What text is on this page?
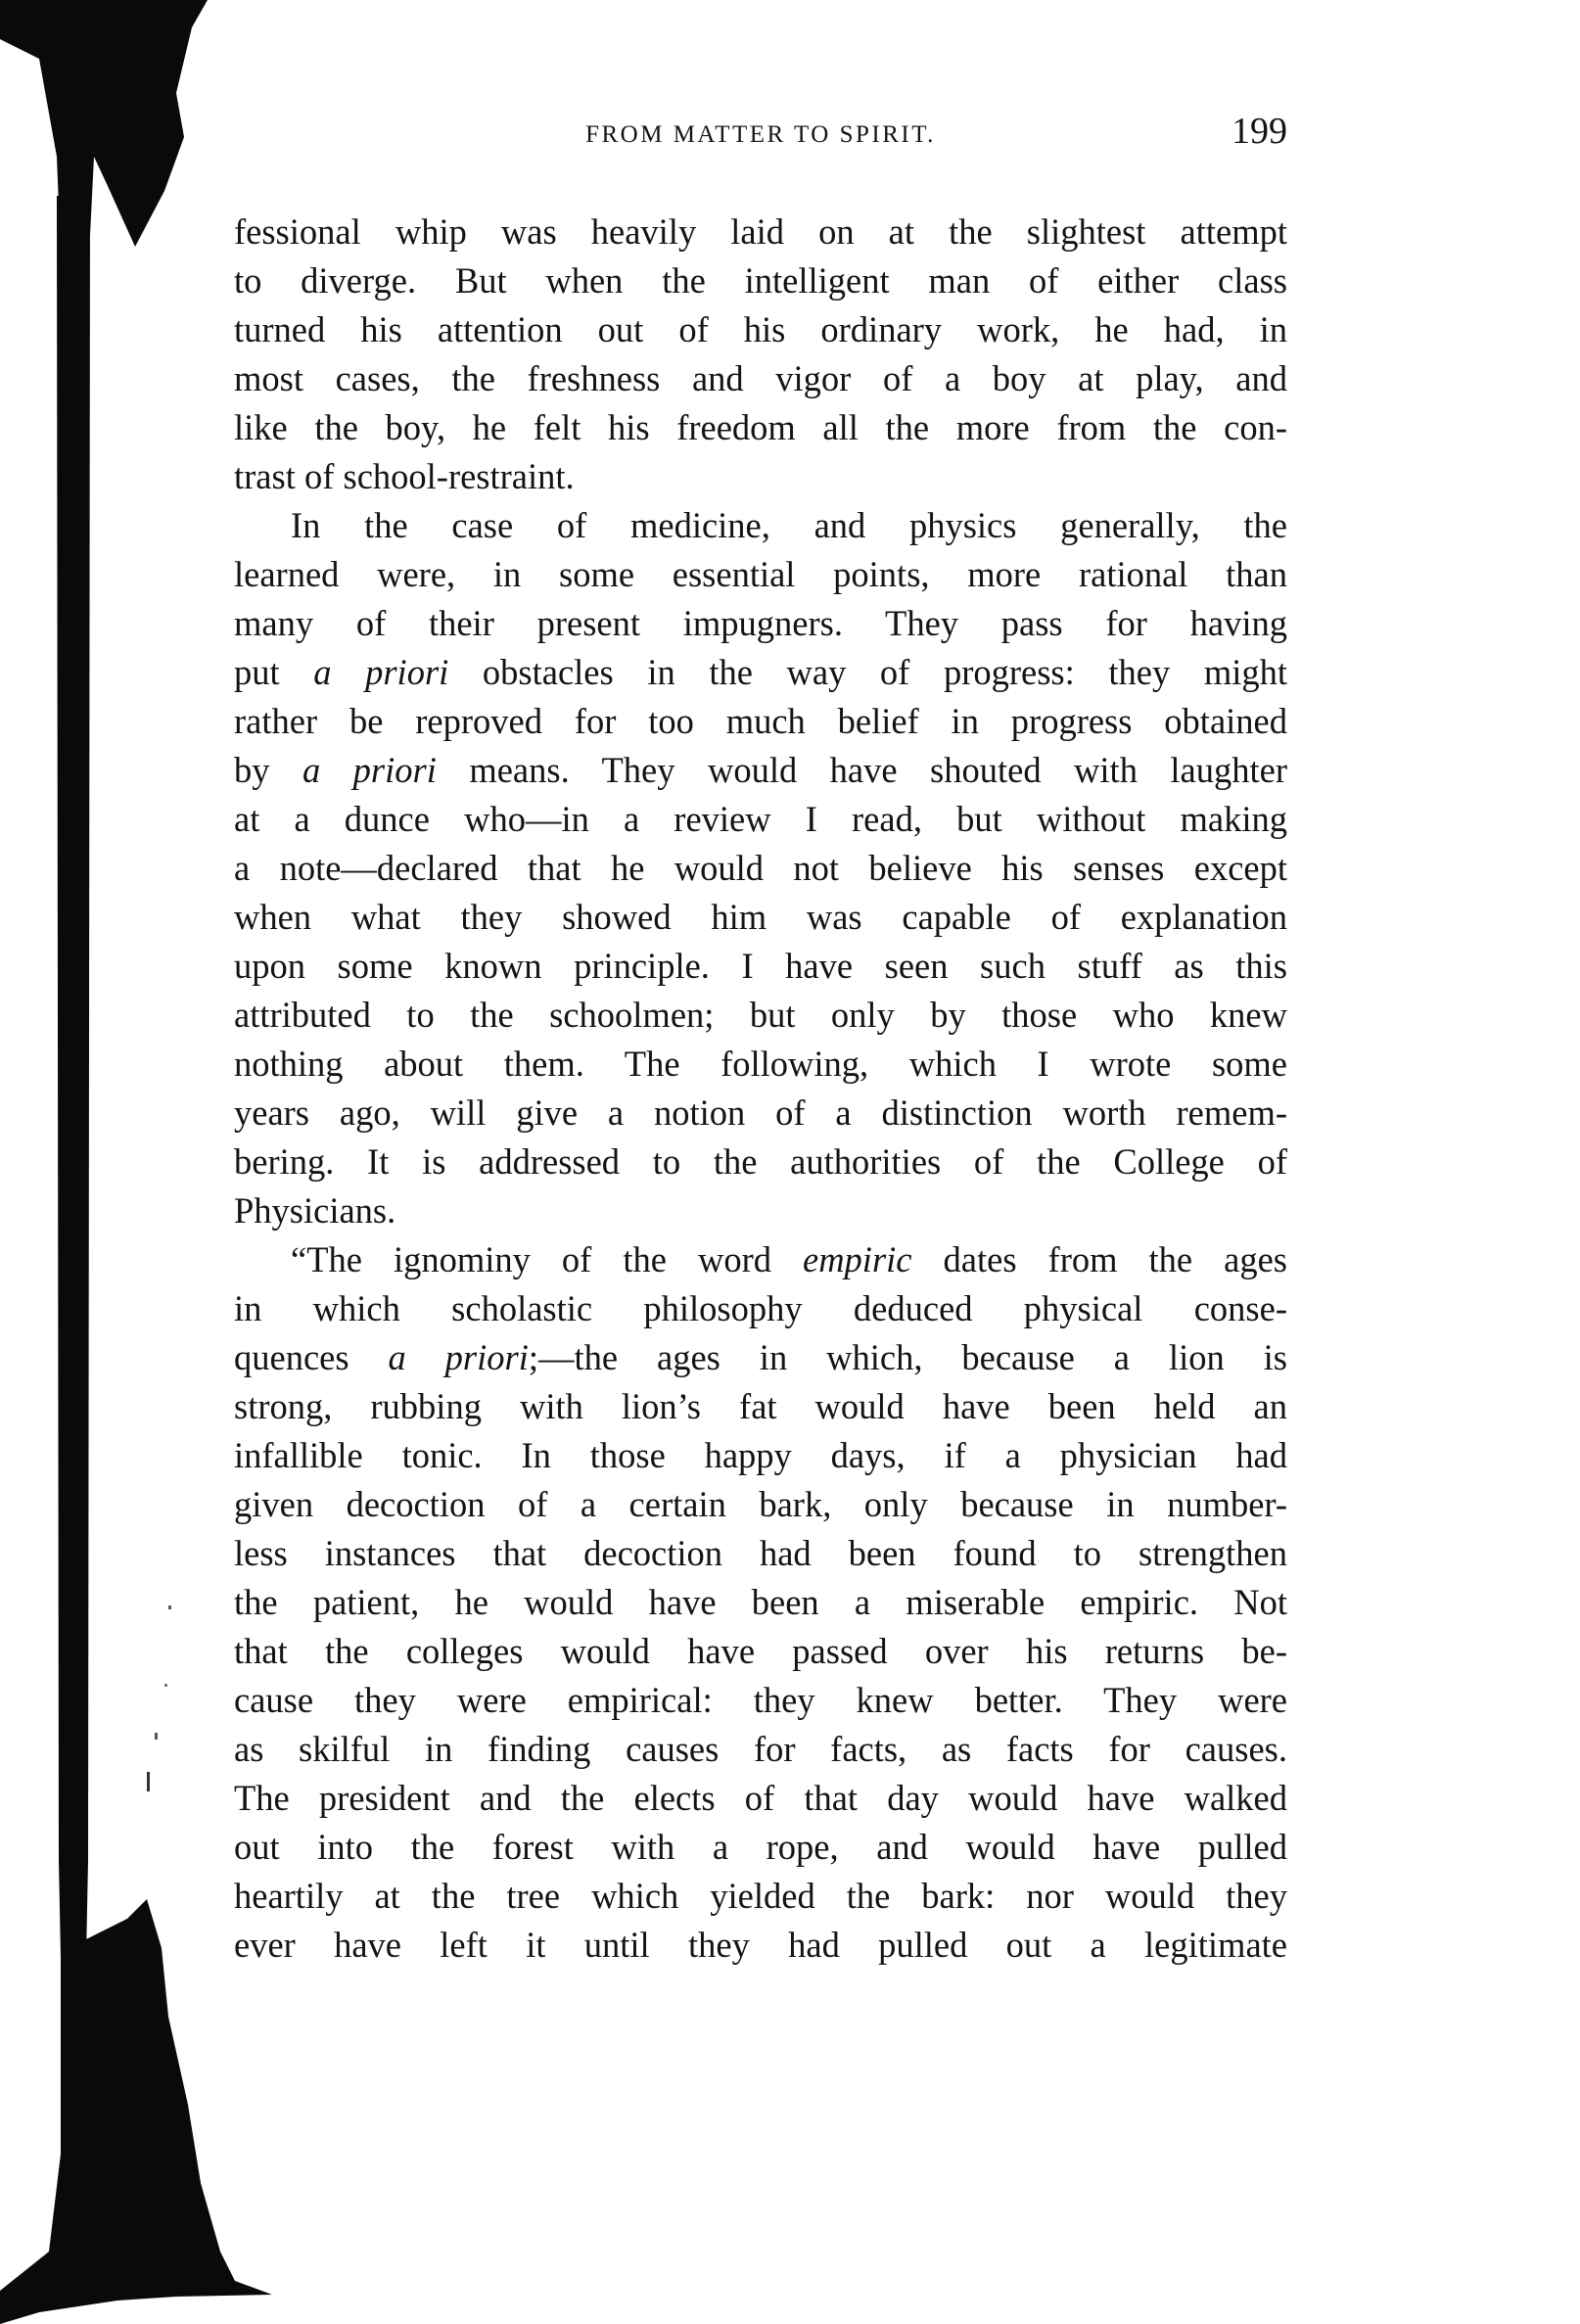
FROM MATTER TO SPIRIT.	199
fessional whip was heavily laid on at the slightest attempt
to diverge. But when the intelligent man of either class
turned his attention out of his ordinary work, he had, in
most cases, the freshness and vigor of a boy at play, and
like the boy, he felt his freedom all the more from the con-
trast of school-restraint.
In the case of medicine, and physics generally, the
learned were, in some essential points, more rational than
many of their present impugners. They pass for having
put a priori obstacles in the way of progress: they might
rather be reproved for too much belief in progress obtained
by a priori means. They would have shouted with laughter
at a dunce who—in a review I read, but without making
a note—declared that he would not believe his senses except
when what they showed him was capable of explanation
upon some known principle. I have seen such stuff as this
attributed to the schoolmen; but only by those who knew
nothing about them. The following, which I wrote some
years ago, will give a notion of a distinction worth remem-
bering. It is addressed to the authorities of the College of
Physicians.
“The ignominy of the word empiric dates from the ages
in which scholastic philosophy deduced physical conse-
quences a priori;—the ages in which, because a lion is
strong, rubbing with lion’s fat would have been held an
infallible tonic. In those happy days, if a physician had
given decoction of a certain bark, only because in number-
less instances that decoction had been found to strengthen
the patient, he would have been a miserable empiric. Not
that the colleges would have passed over his returns be-
cause they were empirical: they knew better. They were
as skilful in finding causes for facts, as facts for causes.
The president and the elects of that day would have walked
out into the forest with a rope, and would have pulled
heartily at the tree which yielded the bark: nor would they
ever have left it until they had pulled out a legitimate
